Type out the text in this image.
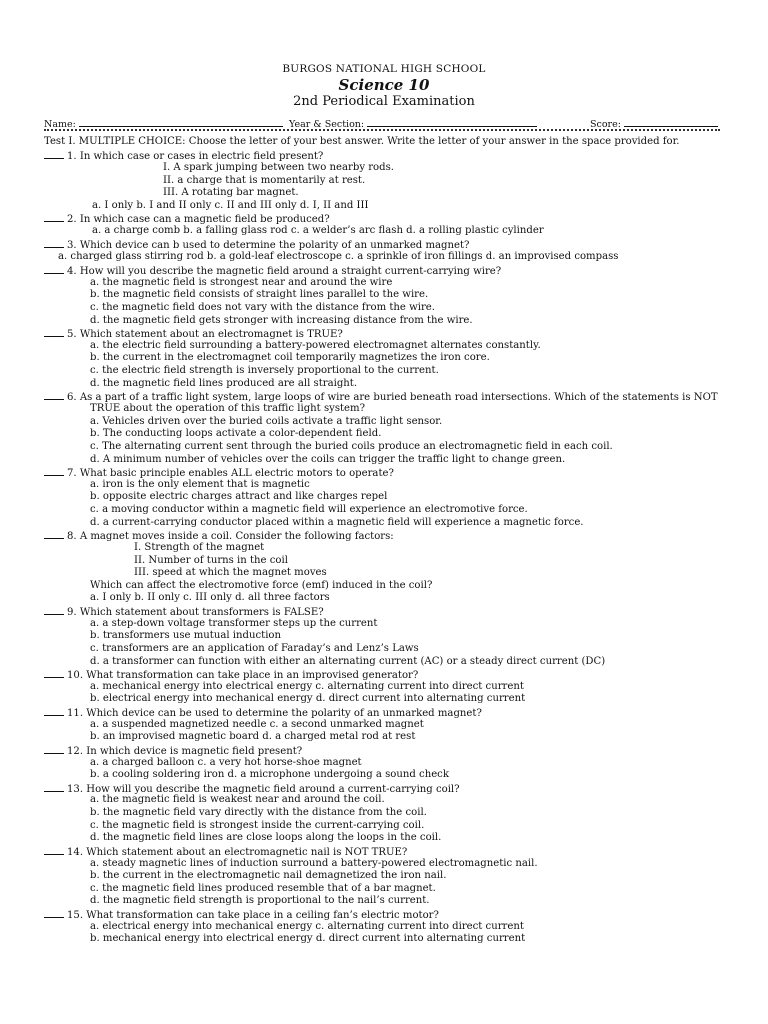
BURGOS NATIONAL HIGH SCHOOL
Science 10
2nd Periodical Examination
Name:	Year & Section:	Score:
Test I. MULTIPLE CHOICE: Choose the letter of your best answer. Write the letter of your answer in the space provided for.
1. In which case or cases in electric field present?
I. A spark jumping between two nearby rods.
II. a charge that is momentarily at rest.
III. A rotating bar magnet.
a. I only b. I and II only c. II and III only d. I, II and III
2. In which case can a magnetic field be produced?
a. a charge comb b. a falling glass rod c. a welder’s arc flash d. a rolling plastic cylinder
3. Which device can b used to determine the polarity of an unmarked magnet?
a. charged glass stirring rod b. a gold-leaf electroscope c. a sprinkle of iron fillings d. an improvised compass
4. How will you describe the magnetic field around a straight current-carrying wire?
a. the magnetic field is strongest near and around the wire
b. the magnetic field consists of straight lines parallel to the wire.
c. the magnetic field does not vary with the distance from the wire.
d. the magnetic field gets stronger with increasing distance from the wire.
5. Which statement about an electromagnet is TRUE?
a. the electric field surrounding a battery-powered electromagnet alternates constantly.
b. the current in the electromagnet coil temporarily magnetizes the iron core.
c. the electric field strength is inversely proportional to the current.
d. the magnetic field lines produced are all straight.
6. As a part of a traffic light system, large loops of wire are buried beneath road intersections. Which of the statements is NOT
TRUE about the operation of this traffic light system?
a. Vehicles driven over the buried coils activate a traffic light sensor.
b. The conducting loops activate a color-dependent field.
c. The alternating current sent through the buried coils produce an electromagnetic field in each coil.
d. A minimum number of vehicles over the coils can trigger the traffic light to change green.
7. What basic principle enables ALL electric motors to operate?
a. iron is the only element that is magnetic
b. opposite electric charges attract and like charges repel
c. a moving conductor within a magnetic field will experience an electromotive force.
d. a current-carrying conductor placed within a magnetic field will experience a magnetic force.
8. A magnet moves inside a coil. Consider the following factors:
I. Strength of the magnet
II. Number of turns in the coil
III. speed at which the magnet moves
Which can affect the electromotive force (emf) induced in the coil?
a. I only b. II only c. III only d. all three factors
9. Which statement about transformers is FALSE?
a. a step-down voltage transformer steps up the current
b. transformers use mutual induction
c. transformers are an application of Faraday’s and Lenz’s Laws
d. a transformer can function with either an alternating current (AC) or a steady direct current (DC)
10. What transformation can take place in an improvised generator?
a. mechanical energy into electrical energy c. alternating current into direct current
b. electrical energy into mechanical energy d. direct current into alternating current
11. Which device can be used to determine the polarity of an unmarked magnet?
a. a suspended magnetized needle c. a second unmarked magnet
b. an improvised magnetic board d. a charged metal rod at rest
12. In which device is magnetic field present?
a. a charged balloon c. a very hot horse-shoe magnet
b. a cooling soldering iron d. a microphone undergoing a sound check
13. How will you describe the magnetic field around a current-carrying coil?
a. the magnetic field is weakest near and around the coil.
b. the magnetic field vary directly with the distance from the coil.
c. the magnetic field is strongest inside the current-carrying coil.
d. the magnetic field lines are close loops along the loops in the coil.
14. Which statement about an electromagnetic nail is NOT TRUE?
a. steady magnetic lines of induction surround a battery-powered electromagnetic nail.
b. the current in the electromagnetic nail demagnetized the iron nail.
c. the magnetic field lines produced resemble that of a bar magnet.
d. the magnetic field strength is proportional to the nail’s current.
15. What transformation can take place in a ceiling fan’s electric motor?
a. electrical energy into mechanical energy c. alternating current into direct current
b. mechanical energy into electrical energy d. direct current into alternating current
